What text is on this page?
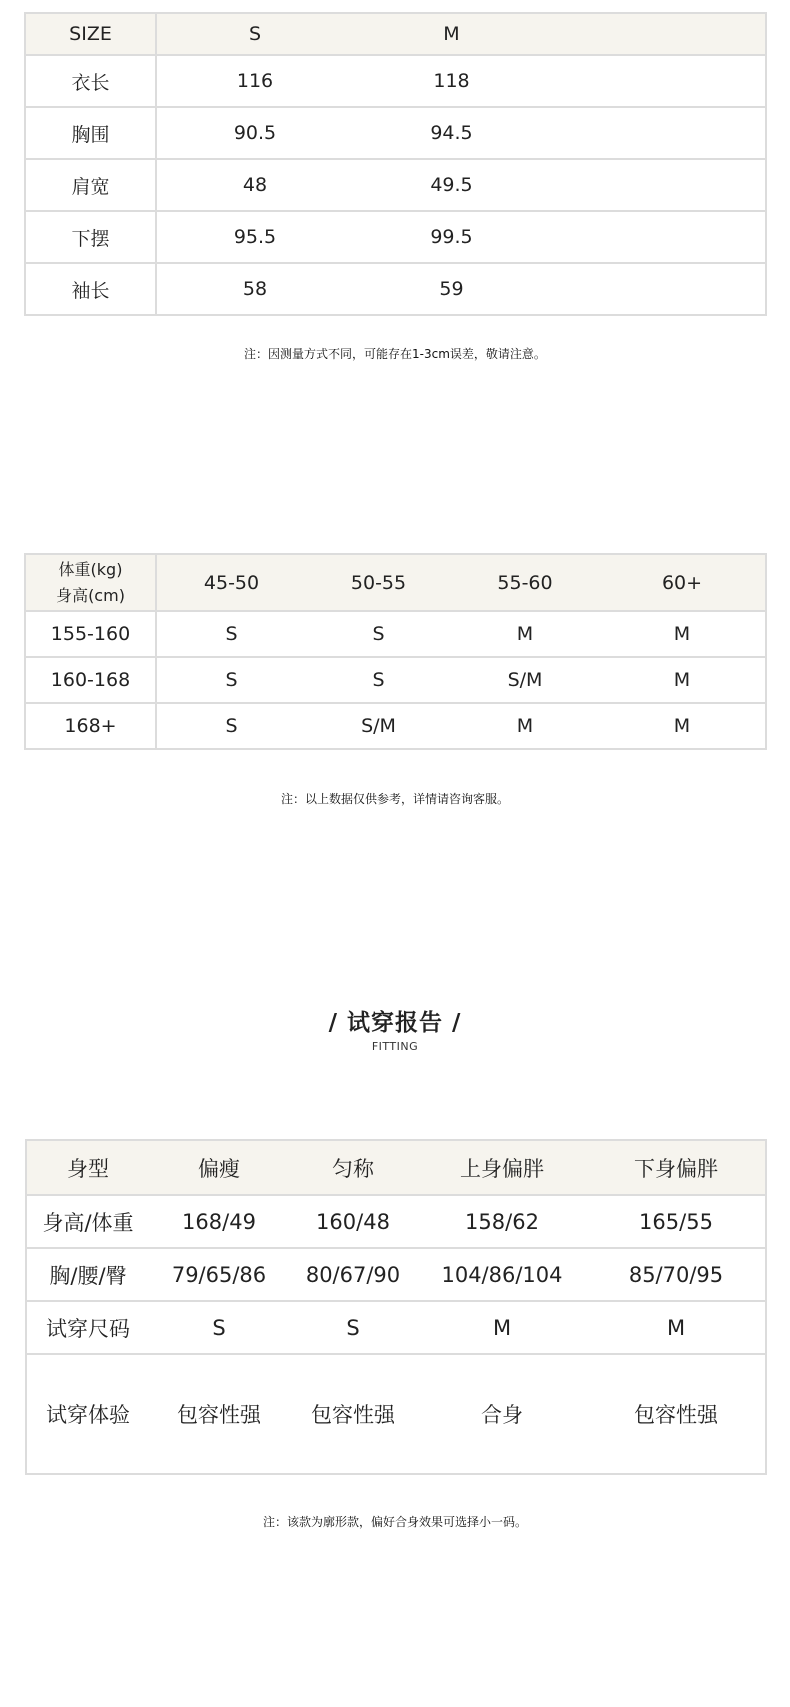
SIZE	S	M	
衣长	116	118	
胸围	90.5	94.5	
肩宽	48	49.5	
下摆	95.5	99.5	
袖长	58	59	
注：因测量方式不同，可能存在1-3cm误差，敬请注意。
体重(kg)
身高(cm)	45-50	50-55	55-60	60+
155-160	S	S	M	M
160-168	S	S	S/M	M
168+	S	S/M	M	M
注：以上数据仅供参考，详情请咨询客服。
/ 试穿报告 /
FITTING
身型	偏瘦	匀称	上身偏胖	下身偏胖
身高/体重	168/49	160/48	158/62	165/55
胸/腰/臀	79/65/86	80/67/90	104/86/104	85/70/95
试穿尺码	S	S	M	M
试穿体验	包容性强	包容性强	合身	包容性强
注：该款为廓形款，偏好合身效果可选择小一码。
